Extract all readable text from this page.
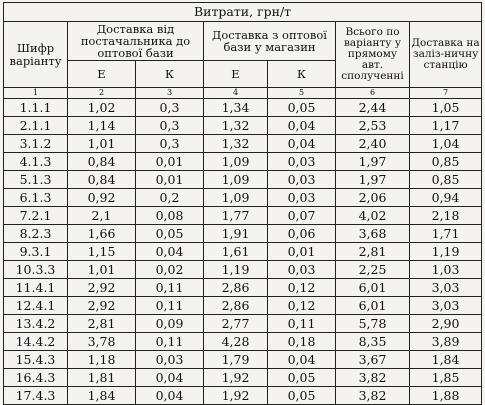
Витрати, грн/т						
Шифр варіанту	Доставка від постачальника до оптової бази		Доставка з оптової бази у магазин		Всього по варіанту у прямому авт. сполученні	Доставка на заліз-ничну станцію
	Е	К	Е	К		
1	2	3	4	5	6	7
1.1.1	1,02	0,3	1,34	0,05	2,44	1,05
2.1.1	1,14	0,3	1,32	0,04	2,53	1,17
3.1.2	1,01	0,3	1,32	0,04	2,40	1,04
4.1.3	0,84	0,01	1,09	0,03	1,97	0,85
5.1.3	0,84	0,01	1,09	0,03	1,97	0,85
6.1.3	0,92	0,2	1,09	0,03	2,06	0,94
7.2.1	2,1	0,08	1,77	0,07	4,02	2,18
8.2.3	1,66	0,05	1,91	0,06	3,68	1,71
9.3.1	1,15	0,04	1,61	0,01	2,81	1,19
10.3.3	1,01	0,02	1,19	0,03	2,25	1,03
11.4.1	2,92	0,11	2,86	0,12	6,01	3,03
12.4.1	2,92	0,11	2,86	0,12	6,01	3,03
13.4.2	2,81	0,09	2,77	0,11	5,78	2,90
14.4.2	3,78	0,11	4,28	0,18	8,35	3,89
15.4.3	1,18	0,03	1,79	0,04	3,67	1,84
16.4.3	1,81	0,04	1,92	0,05	3,82	1,85
17.4.3	1,84	0,04	1,92	0,05	3,82	1,88
